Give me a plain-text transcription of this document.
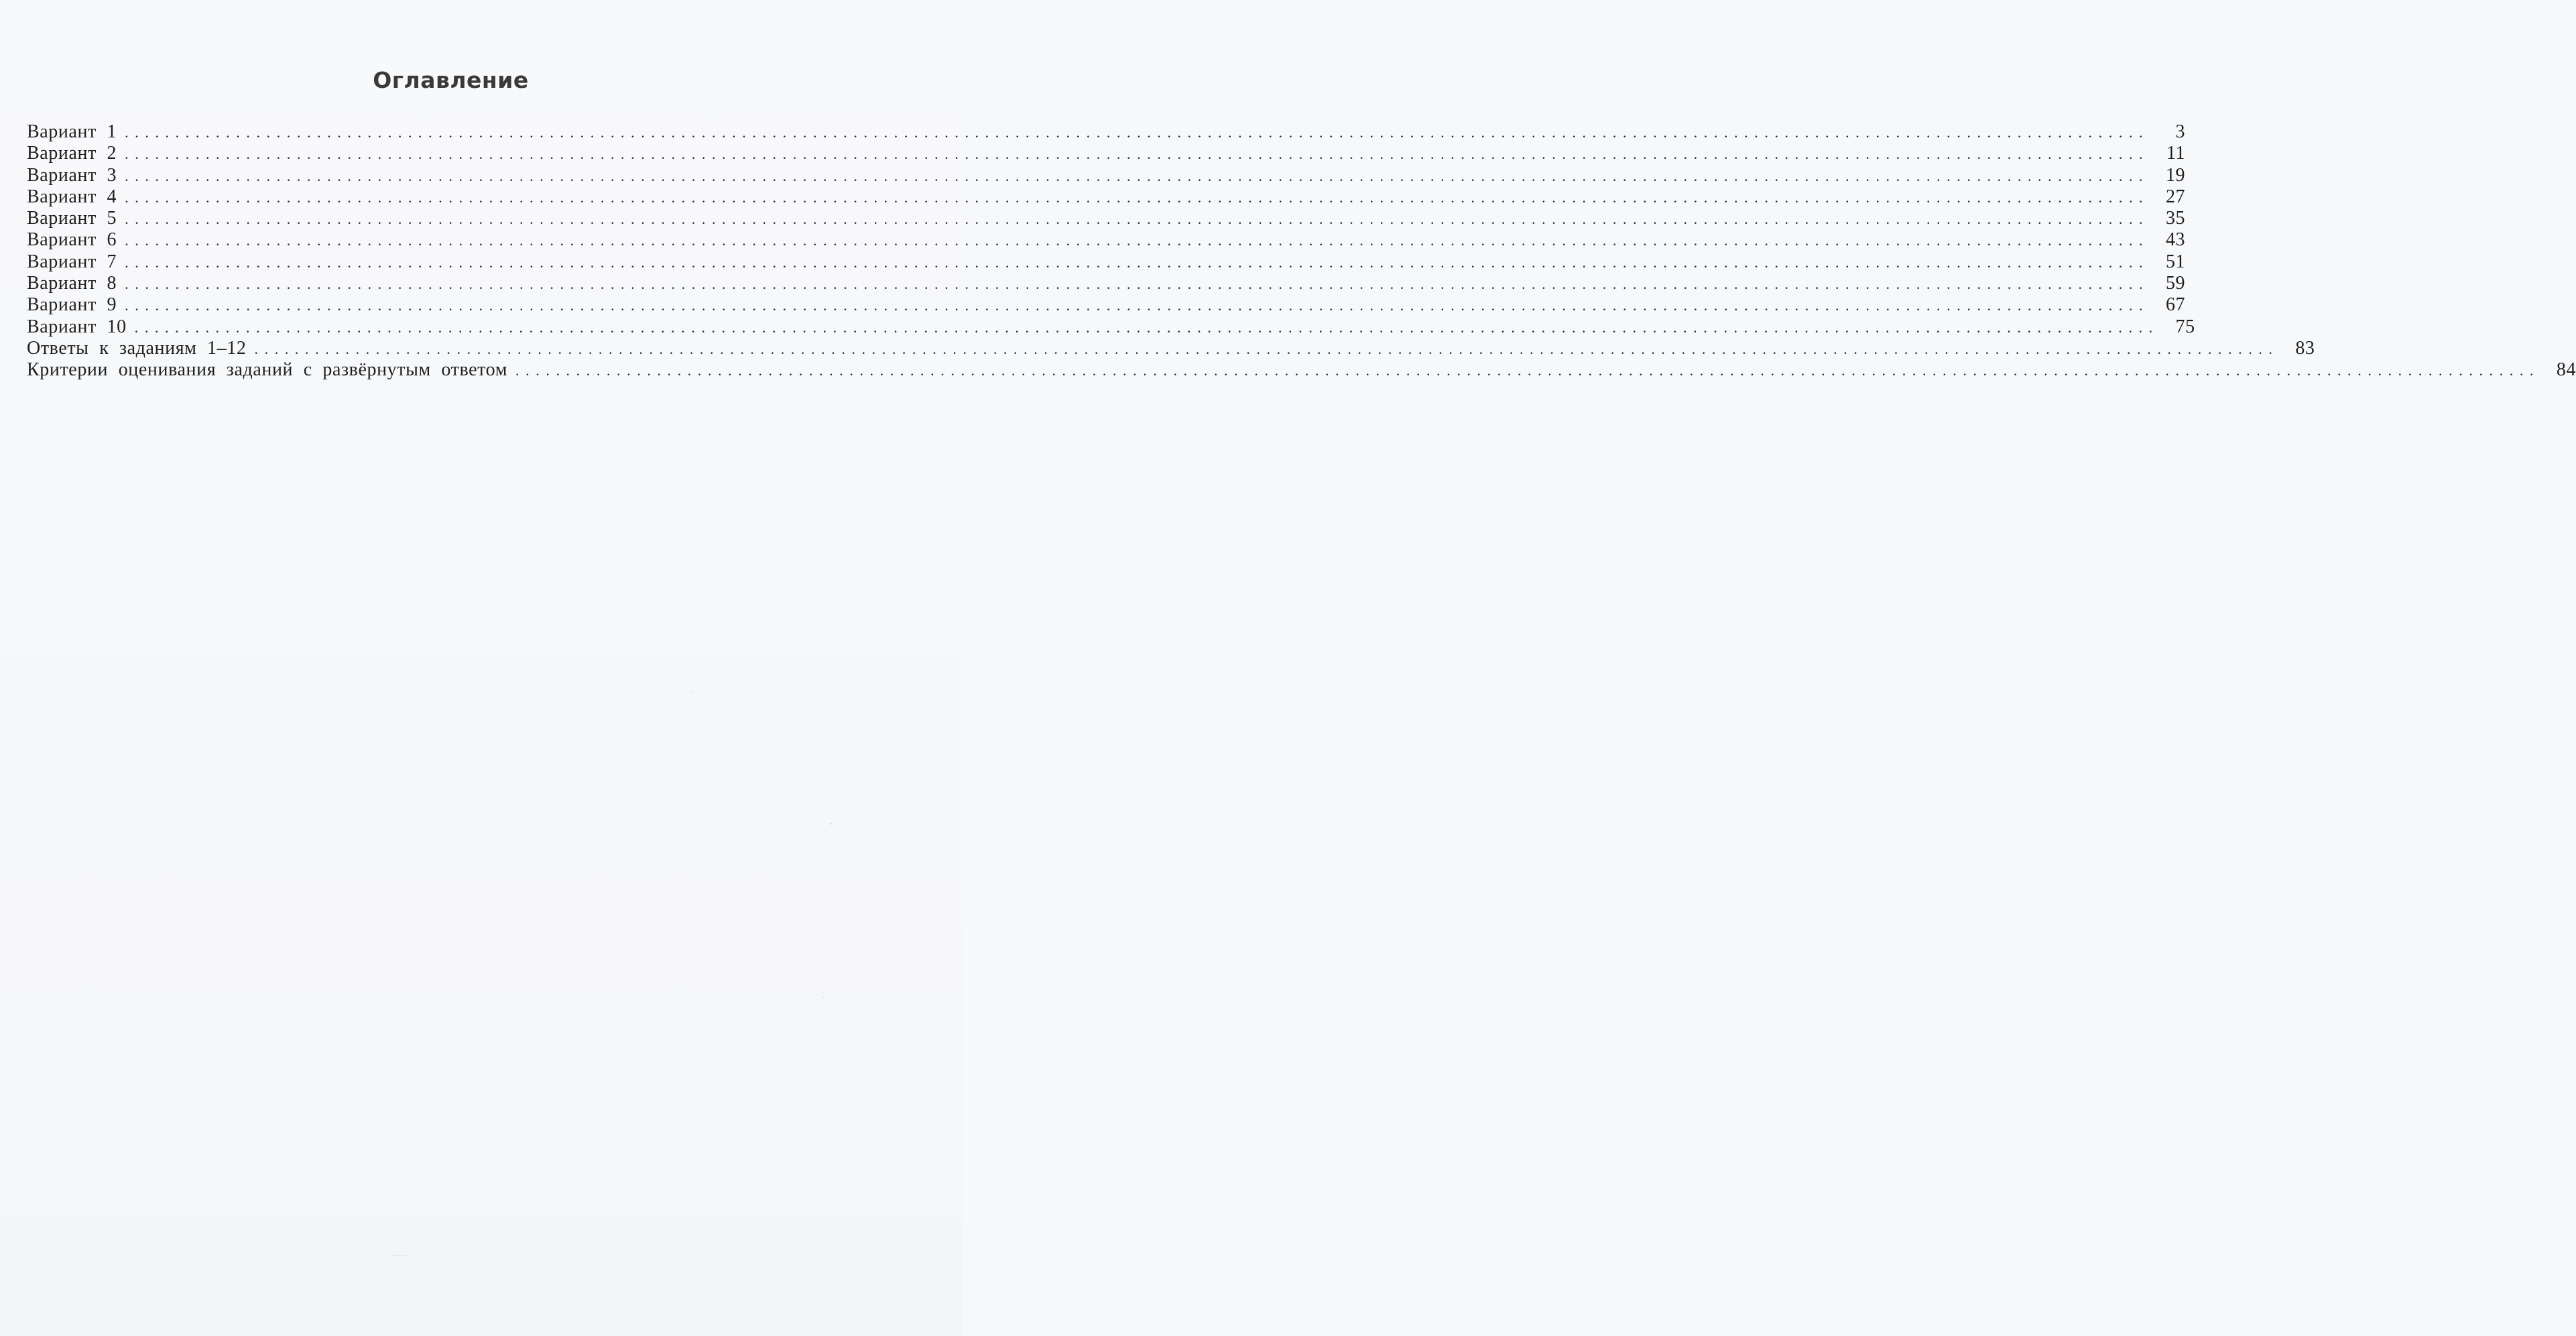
Оглавление
Вариант 1 ........................................................................................................................................................................................................	3
Вариант 2 ........................................................................................................................................................................................................ 11
Вариант 3 ........................................................................................................................................................................................................ 19
Вариант 4 ........................................................................................................................................................................................................ 27
Вариант 5 ........................................................................................................................................................................................................ 35
Вариант 6 ........................................................................................................................................................................................................ 43
Вариант 7 ........................................................................................................................................................................................................ 51
Вариант 8 ........................................................................................................................................................................................................ 59
Вариант 9 ........................................................................................................................................................................................................ 67
Вариант 10 ........................................................................................................................................................................................................ 75
Ответы к заданиям 1–12 ........................................................................................................................................................................................................ 83
Критерии оценивания заданий с развёрнутым ответом ........................................................................................................................................................................................................ 84
